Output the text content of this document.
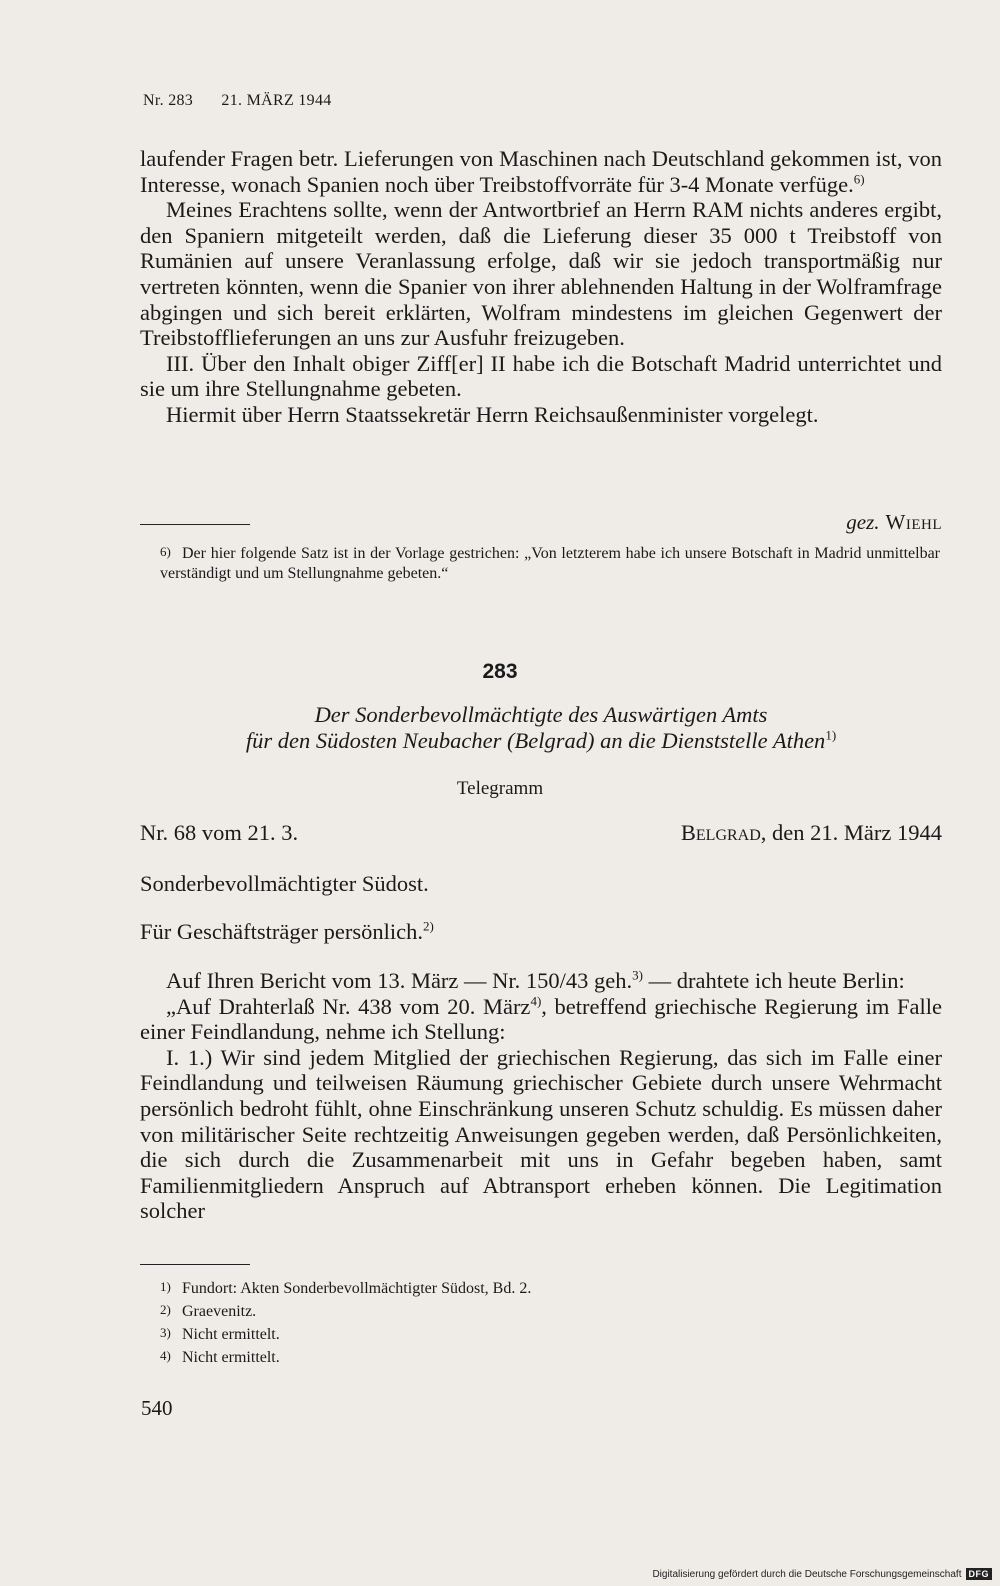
Nr. 283 21. MÄRZ 1944

laufender Fragen betr. Lieferungen von Maschinen nach Deutschland gekommen ist, von Interesse, wonach Spanien noch über Treibstoffvorräte für 3-4 Monate verfüge.$^{6)}$

Meines Erachtens sollte, wenn der Antwortbrief an Herrn RAM nichts anderes ergibt, den Spaniern mitgeteilt werden, daß die Lieferung dieser 35 000 t Treibstoff von Rumänien auf unsere Veranlassung erfolge, daß wir sie jedoch transportmäßig nur vertreten könnten, wenn die Spanier von ihrer ablehnenden Haltung in der Wolframfrage abgingen und sich bereit erklärten, Wolfram mindestens im gleichen Gegenwert der Treibstofflieferungen an uns zur Ausfuhr freizugeben.

III. Über den Inhalt obiger Ziff[er] II habe ich die Botschaft Madrid unterrichtet und sie um ihre Stellungnahme gebeten.

Hiermit über Herrn Staatssekretär Herrn Reichsaußenminister vorgelegt.

gez. Wiehl
6) Der hier folgende Satz ist in der Vorlage gestrichen: „Von letzterem habe ich unsere Botschaft in Madrid unmittelbar verständigt und um Stellungnahme gebeten.“
283
Der Sonderbevollmächtigte des Auswärtigen Amts
für den Südosten Neubacher (Belgrad) an die Dienststelle Athen$^{1)}$
Telegramm
Nr. 68 vom 21. 3.	Belgrad, den 21. März 1944
Sonderbevollmächtigter Südost.
Für Geschäftsträger persönlich.$^{2)}$

Auf Ihren Bericht vom 13. März — Nr. 150/43 geh.$^{3)}$ — drahtete ich heute Berlin:

„Auf Drahterlaß Nr. 438 vom 20. März$^{4)}$, betreffend griechische Regierung im Falle einer Feindlandung, nehme ich Stellung:

I. 1.) Wir sind jedem Mitglied der griechischen Regierung, das sich im Falle einer Feindlandung und teilweisen Räumung griechischer Gebiete durch unsere Wehrmacht persönlich bedroht fühlt, ohne Einschränkung unseren Schutz schuldig. Es müssen daher von militärischer Seite rechtzeitig Anweisungen gegeben werden, daß Persönlichkeiten, die sich durch die Zusammenarbeit mit uns in Gefahr begeben haben, samt Familienmitgliedern Anspruch auf Abtransport erheben können. Die Legitimation solcher

1) Fundort: Akten Sonderbevollmächtigter Südost, Bd. 2.
2) Graevenitz.
3) Nicht ermittelt.
4) Nicht ermittelt.
540
Digitalisierung gefördert durch die Deutsche Forschungsgemeinschaft DFG
